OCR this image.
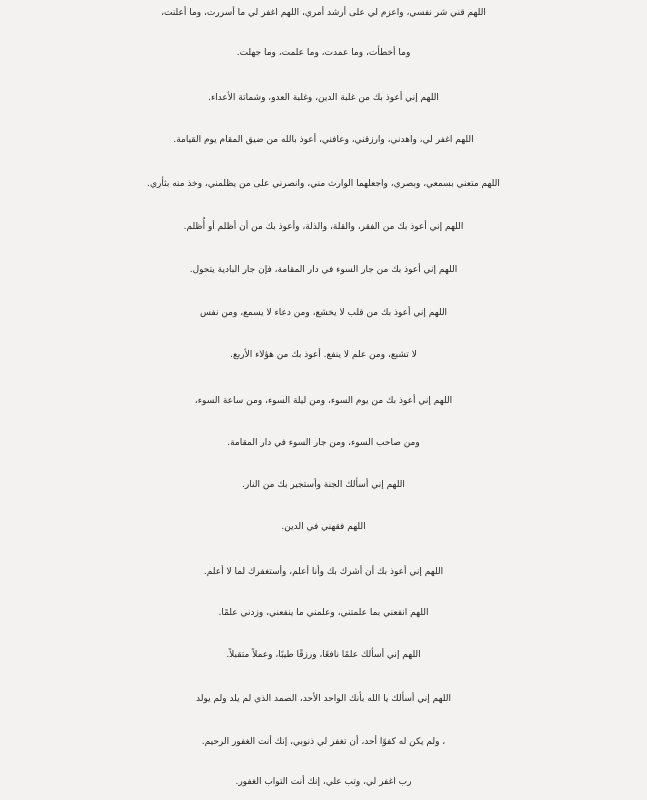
اللهم قني شر نفسي، واعزم لي على أرشد أمري، اللهم اغفر لي ما أسررت، وما أعلنت،
وما أخطأت، وما عمدت، وما علمت، وما جهلت.
اللهم إني أعوذ بك من غلبة الدين، وغلبة العدو، وشماتة الأعداء.
اللهم اغفر لي، واهدني، وارزقني، وعافني، أعوذ بالله من ضيق المقام يوم القيامة.
اللهم متعني بسمعي، وبصري، واجعلهما الوارث مني، وانصرني على من يظلمني، وخذ منه بثأري.
اللهم إني أعوذ بك من الفقر، والقلة، والذلة، وأعوذ بك من أن أظلم أو أُظلم.
اللهم إني أعوذ بك من جار السوء في دار المقامة، فإن جار البادية يتحول.
اللهم إني أعوذ بك من قلب لا يخشع، ومن دعاء لا يسمع، ومن نفس
لا تشبع، ومن علم لا ينفع. أعوذ بك من هؤلاء الأربع.
اللهم إني أعوذ بك من يوم السوء، ومن ليلة السوء، ومن ساعة السوء،
ومن صاحب السوء، ومن جار السوء في دار المقامة.
اللهم إني أسألك الجنة وأستجير بك من النار.
اللهم فقهني في الدين.
اللهم إني أعوذ بك أن أشرك بك وأنا أعلم، وأستغفرك لما لا أعلم.
اللهم انفعني بما علمتني، وعلمني ما ينفعني، وزدني علمًا.
اللهم إني أسألك علمًا نافعًا، ورزقًا طيبًا، وعملاً متقبلاً.
اللهم إني أسألك يا الله بأنك الواحد الأحد، الصمد الذي لم يلد ولم يولد
، ولم يكن له كفوًا أحد، أن تغفر لي ذنوبي، إنك أنت الغفور الرحيم.
رب اغفر لي، وتب علي، إنك أنت التواب الغفور.
